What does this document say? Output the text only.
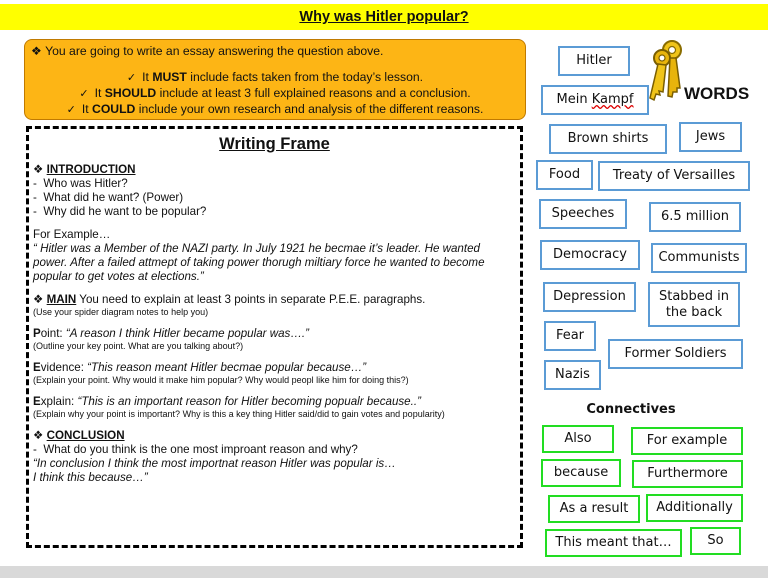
Why was Hitler popular?
❖ You are going to write an essay answering the question above.
✓ It MUST include facts taken from the today’s lesson.
✓ It SHOULD include at least 3 full explained reasons and a conclusion.
✓ It COULD include your own research and analysis of the different reasons.
Writing Frame
❖ INTRODUCTION
-  Who was Hitler?
-  What did he want? (Power)
-  Why did he want to be popular?
For Example…
“ Hitler was a Member of the NAZI party. In July 1921 he becmae it’s leader. He wanted power. After a failed attmept of taking power thorugh miltiary force he wanted to become popular to get votes at elections.”
❖ MAIN You need to explain at least 3 points in separate P.E.E. paragraphs.
(Use your spider diagram notes to help you)
Point: “A reason I think Hitler became popular was….”
(Outline your key point. What are you talking about?)
Evidence: “This reason meant Hitler becmae popular because…”
(Explain your point. Why would it make him popular? Why would peopl like him for doing this?)
Explain: “This is an important reason for Hitler becoming popualr because..”
(Explain why your point is important? Why is this a key thing Hitler said/did to gain votes and popularity)
❖ CONCLUSION
-  What do you think is the one most improant reason and why?
“In conclusion I think the most importnat reason Hitler was popular is…
I think this because…”
WORDS
Hitler
Mein Kampf
Brown shirts	Jews
Food	Treaty of Versailles
Speeches	6.5 million
Democracy	Communists
Depression	Stabbed in the back
Fear
Former Soldiers
Nazis
Connectives
Also	For example
because	Furthermore
As a result	Additionally
This meant that…	So
